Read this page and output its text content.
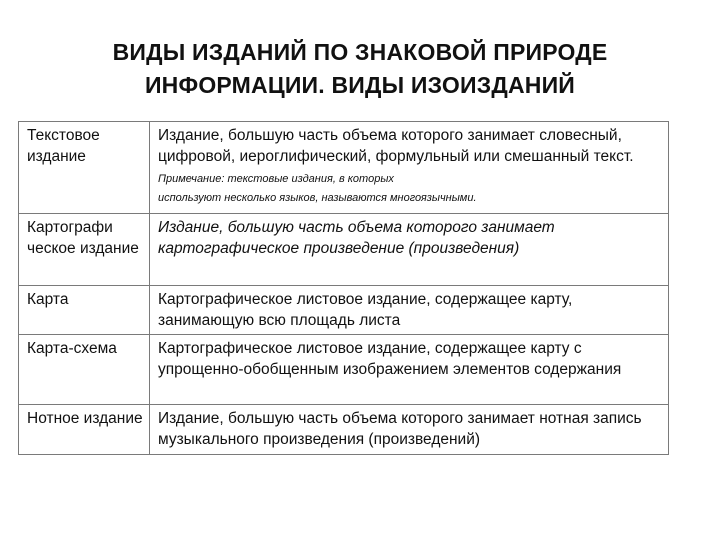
ВИДЫ ИЗДАНИЙ ПО ЗНАКОВОЙ ПРИРОДЕ
ИНФОРМАЦИИ. ВИДЫ ИЗОИЗДАНИЙ
Текстовое издание	Издание, большую часть объема которого занимает словесный, цифровой, иероглифический, формульный или смешанный текст. Примечание: текстовые издания, в которых
используют несколько языков, называются многоязычными.

Картографи ческое издание	Издание, большую часть объема которого занимает картографическое произведение (произведения)
Карта	Картографическое листовое издание, содержащее карту, занимающую всю площадь листа
Карта-схема	Картографическое листовое издание, содержащее карту с упрощенно-обобщенным изображением элементов содержания
Нотное издание	Издание, большую часть объема которого занимает нотная запись музыкального произведения (произведений)
